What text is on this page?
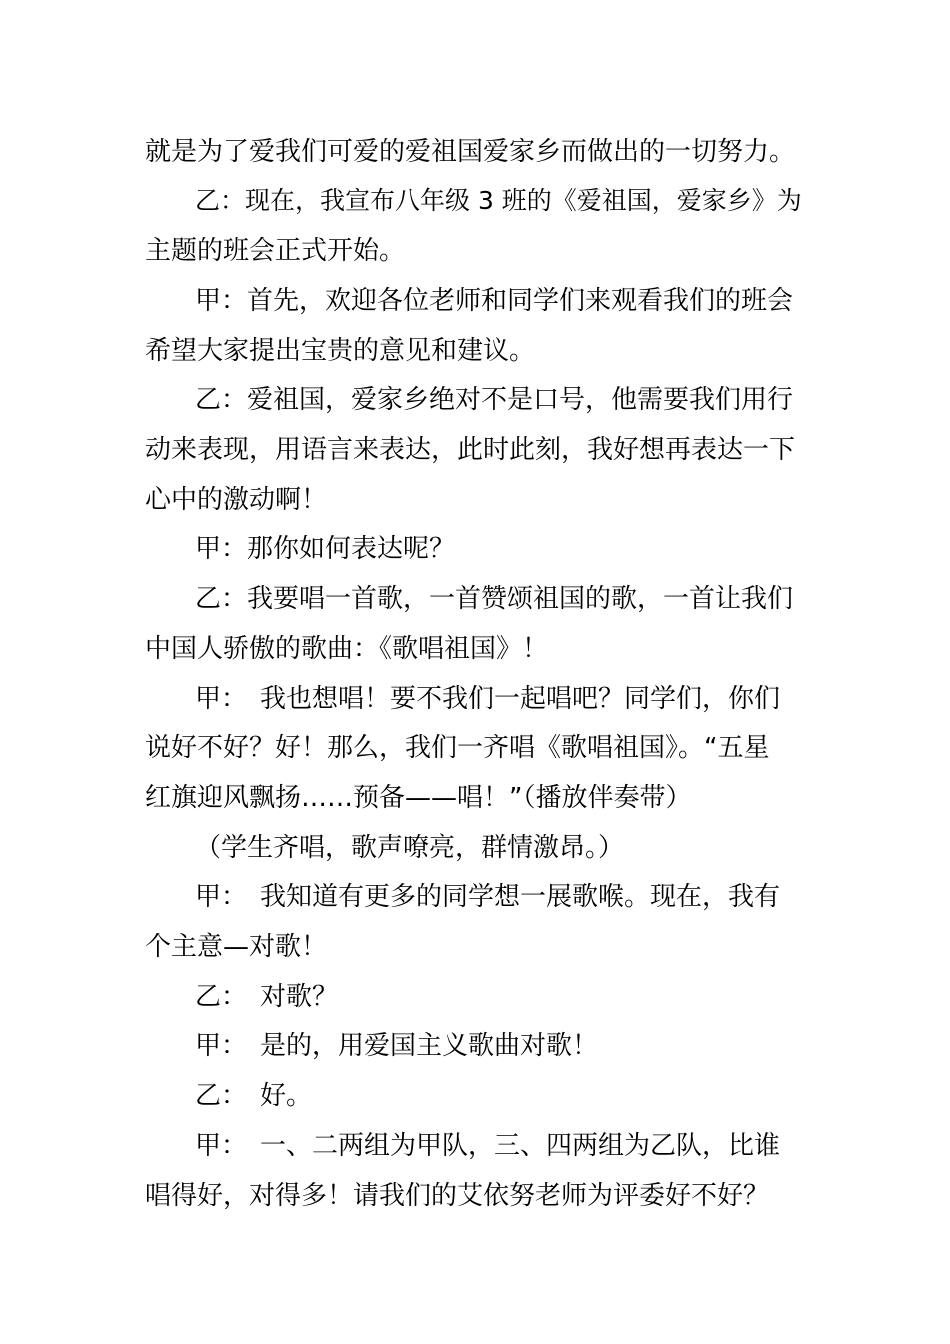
就是为了爱我们可爱的爱祖国爱家乡而做出的一切努力。
乙：现在，我宣布八年级 3 班的《爱祖国，爱家乡》为
主题的班会正式开始。
甲：首先，欢迎各位老师和同学们来观看我们的班会
希望大家提出宝贵的意见和建议。
乙：爱祖国，爱家乡绝对不是口号，他需要我们用行
动来表现，用语言来表达，此时此刻，我好想再表达一下
心中的激动啊！
甲：那你如何表达呢？
乙：我要唱一首歌，一首赞颂祖国的歌，一首让我们
中国人骄傲的歌曲：《歌唱祖国》！
甲：　我也想唱！要不我们一起唱吧？同学们，你们
说好不好？好！那么，我们一齐唱《歌唱祖国》。“五星
红旗迎风飘扬……预备——唱！”（播放伴奏带）
（学生齐唱，歌声嘹亮，群情激昂。）
甲：　我知道有更多的同学想一展歌喉。现在，我有
个主意—对歌！
乙：　对歌？
甲：　是的，用爱国主义歌曲对歌！
乙：　好。
甲：　一、二两组为甲队，三、四两组为乙队，比谁
唱得好，对得多！请我们的艾依努老师为评委好不好？
